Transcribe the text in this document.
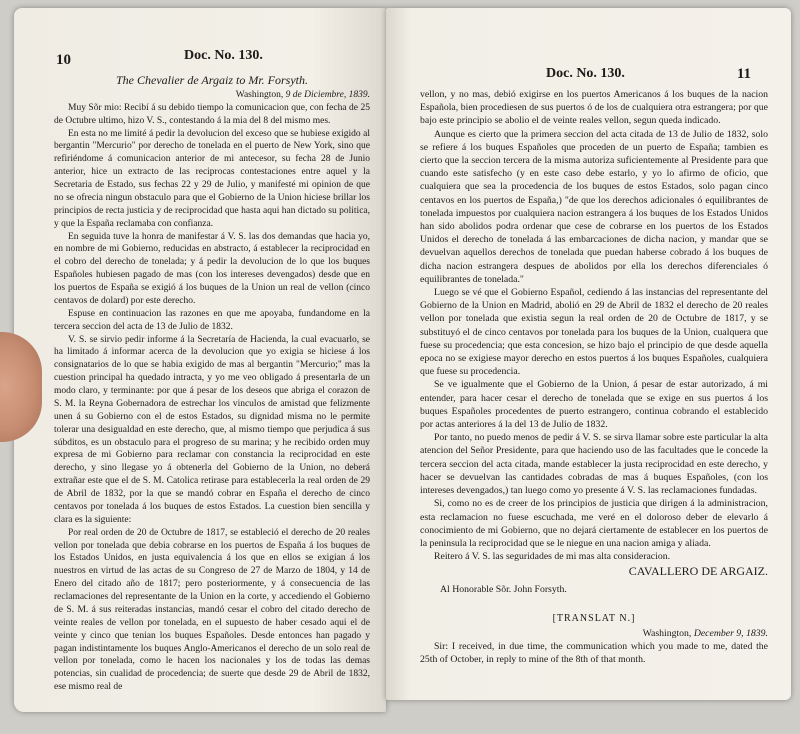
10	Doc. No. 130.
The Chevalier de Argaiz to Mr. Forsyth.

Washington, 9 de Diciembre, 1839.

Muy Sõr mio: Recibí á su debido tiempo la comunicacion que, con fecha de 25 de Octubre ultimo, hizo V. S., contestando á la mia del 8 del mismo mes.

En esta no me limité á pedir la devolucion del exceso que se hubiese exigido al bergantin "Mercurio" por derecho de tonelada en el puerto de New York, sino que refiriéndome á comunicacion anterior de mi antecesor, su fecha 28 de Junio anterior, hice un extracto de las reciprocas contestaciones entre aquel y la Secretaria de Estado, sus fechas 22 y 29 de Julio, y manifesté mi opinion de que no se ofrecia ningun obstaculo para que el Gobierno de la Union hiciese brillar los principios de recta justicia y de reciprocidad que hasta aqui han dictado su politica, y que la España reclamaba con confianza.

En seguida tuve la honra de manifestar á V. S. las dos demandas que hacia yo, en nombre de mi Gobierno, reducidas en abstracto, á establecer la reciprocidad en el cobro del derecho de tonelada; y á pedir la devolucion de lo que los buques Españoles hubiesen pagado de mas (con los intereses devengados) desde que en los puertos de España se exigió á los buques de la Union un real de vellon (cinco centavos de dolard) por este derecho.

Espuse en continuacion las razones en que me apoyaba, fundandome en la tercera seccion del acta de 13 de Julio de 1832.

V. S. se sirvio pedir informe á la Secretaría de Hacienda, la cual evacuarlo, se ha limitado á informar acerca de la devolucion que yo exigia se hiciese á los consignatarios de lo que se habia exigido de mas al bergantin "Mercurio;" mas la cuestion principal ha quedado intracta, y yo me veo obligado á presentarla de un modo claro, y terminante: por que á pesar de los deseos que abriga el corazon de S. M. la Reyna Gobernadora de estrechar los vinculos de amistad que felizmente unen á su Gobierno con el de estos Estados, su dignidad misma no le permite tolerar una desigualdad en este derecho, que, al mismo tiempo que perjudica á sus súbditos, es un obstaculo para el progreso de su marina; y he recibido orden muy expresa de mi Gobierno para reclamar con constancia la reciprocidad en este derecho, y sino llegase yo á obtenerla del Gobierno de la Union, no deberá extrañar este que el de S. M. Catolica retirase para establecerla la real orden de 29 de Abril de 1832, por la que se mandó cobrar en España el derecho de cinco centavos por tonelada á los buques de estos Estados. La cuestion bien sencilla y clara es la siguiente:

Por real orden de 20 de Octubre de 1817, se estableció el derecho de 20 reales vellon por tonelada que debia cobrarse en los puertos de España á los buques de los Estados Unidos, en justa equivalencia á los que en ellos se exigian á los nuestros en virtud de las actas de su Congreso de 27 de Marzo de 1804, y 14 de Enero del citado año de 1817; pero posteriormente, y á consecuencia de las reclamaciones del representante de la Union en la corte, y accediendo el Gobierno de S. M. á sus reiteradas instancias, mandó cesar el cobro del citado derecho de veinte reales de vellon por tonelada, en el supuesto de haber cesado aqui el de veinte y cinco que tenian los buques Españoles. Desde entonces han pagado y pagan indistintamente los buques Anglo-Americanos el derecho de un solo real de vellon por tonelada, como le hacen los nacionales y los de todas las demas potencias, sin cualidad de procedencia; de suerte que desde 29 de Abril de 1832, ese mismo real de

Doc. No. 130.	11

vellon, y no mas, debió exigirse en los puertos Americanos á los buques de la nacion Española, bien procediesen de sus puertos ó de los de cualquiera otra estrangera; por que bajo este principio se abolio el de veinte reales vellon, segun queda indicado.

Aunque es cierto que la primera seccion del acta citada de 13 de Julio de 1832, solo se refiere á los buques Españoles que proceden de un puerto de España; tambien es cierto que la seccion tercera de la misma autoriza suficientemente al Presidente para que cuando este satisfecho (y en este caso debe estarlo, y yo lo afirmo de oficio, que cualquiera que sea la procedencia de los buques de estos Estados, solo pagan cinco centavos en los puertos de España,) "de que los derechos adicionales ó equilibrantes de tonelada impuestos por cualquiera nacion estrangera á los buques de los Estados Unidos han sido abolidos podra ordenar que cese de cobrarse en los puertos de los Estados Unidos el derecho de tonelada á las embarcaciones de dicha nacion, y mandar que se devuelvan aquellos derechos de tonelada que puedan haberse cobrado á los buques de dicha nacion estrangera despues de abolidos por ella los derechos diferenciales ó equilibrantes de tonelada."

Luego se vé que el Gobierno Español, cediendo á las instancias del representante del Gobierno de la Union en Madrid, abolió en 29 de Abril de 1832 el derecho de 20 reales vellon por tonelada que existia segun la real orden de 20 de Octubre de 1817, y se substituyó el de cinco centavos por tonelada para los buques de la Union, cualquera que fuese su procedencia; que esta concesion, se hizo bajo el principio de que desde aquella epoca no se exigiese mayor derecho en estos puertos á los buques Españoles, cualquiera que fuese su procedencia.

Se ve igualmente que el Gobierno de la Union, á pesar de estar autorizado, á mi entender, para hacer cesar el derecho de tonelada que se exige en sus puertos á los buques Españoles procedentes de puerto estrangero, continua cobrando el establecido por actas anteriores á la del 13 de Julio de 1832.

Por tanto, no puedo menos de pedir á V. S. se sirva llamar sobre este particular la alta atencion del Señor Presidente, para que haciendo uso de las facultades que le concede la tercera seccion del acta citada, mande establecer la justa reciprocidad en este derecho, y hacer se devuelvan las cantidades cobradas de mas á buques Españoles, (con los intereses devengados,) tan luego como yo presente á V. S. las reclamaciones fundadas.

Si, como no es de creer de los principios de justicia que dirigen á la administracion, esta reclamacion no fuese escuchada, me veré en el doloroso deber de elevarlo á conocimiento de mi Gobierno, que no dejará ciertamente de establecer en los puertos de la peninsula la reciprocidad que se le niegue en una nacion amiga y aliada.

Reitero á V. S. las seguridades de mi mas alta consideracion.

CAVALLERO DE ARGAIZ.
Al Honorable Sõr. John Forsyth.
[TRANSLAT N.]

Washington, December 9, 1839.

Sir: I received, in due time, the communication which you made to me, dated the 25th of October, in reply to mine of the 8th of that month.
